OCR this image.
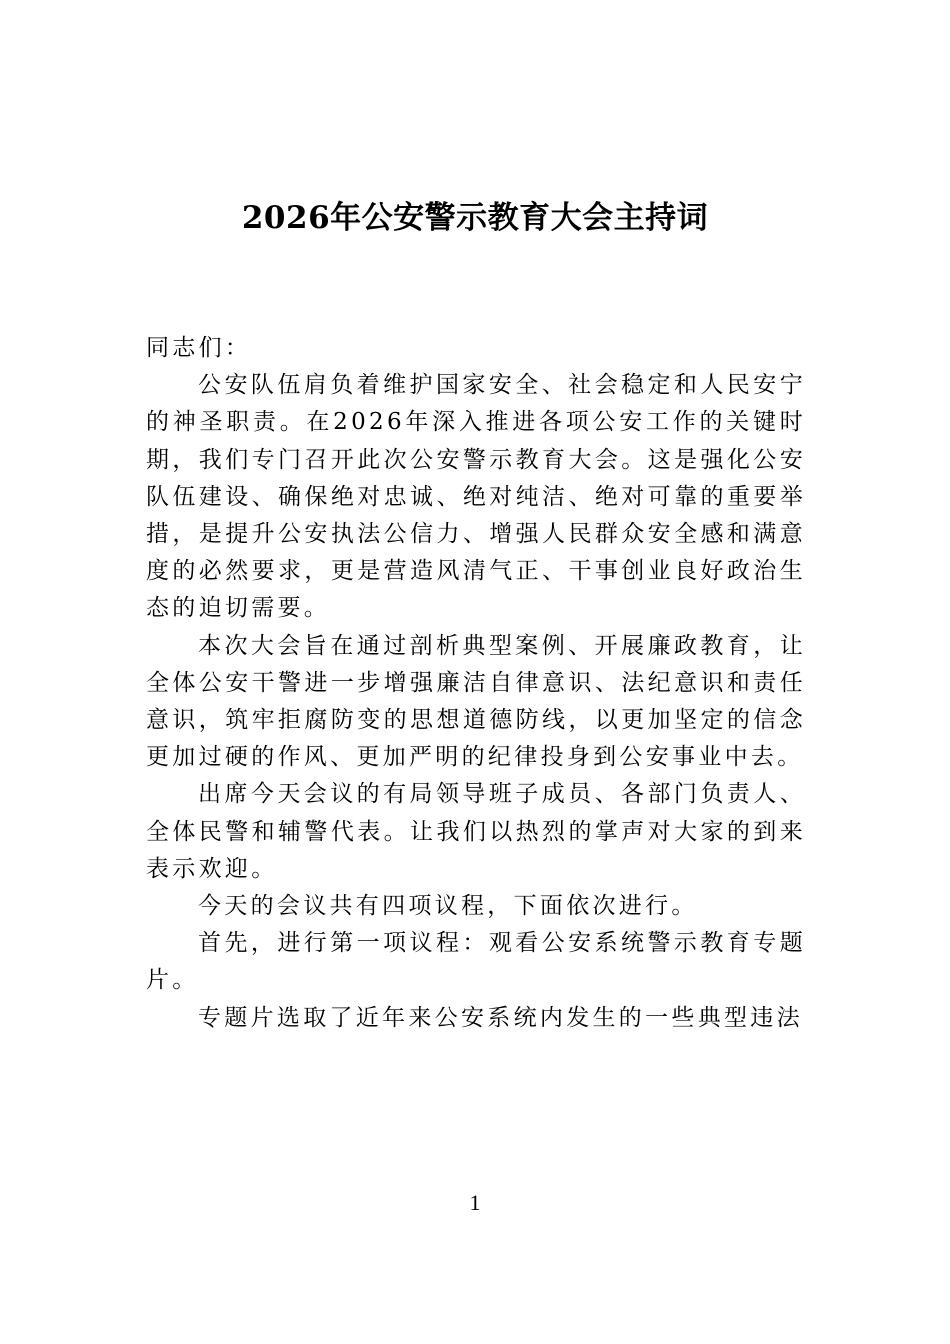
2026年公安警示教育大会主持词

同志们：

公安队伍肩负着维护国家安全、社会稳定和人民安宁的神圣职责。在2026年深入推进各项公安工作的关键时期，我们专门召开此次公安警示教育大会。这是强化公安队伍建设、确保绝对忠诚、绝对纯洁、绝对可靠的重要举措，是提升公安执法公信力、增强人民群众安全感和满意度的必然要求，更是营造风清气正、干事创业良好政治生态的迫切需要。

本次大会旨在通过剖析典型案例、开展廉政教育，让全体公安干警进一步增强廉洁自律意识、法纪意识和责任意识，筑牢拒腐防变的思想道德防线，以更加坚定的信念更加过硬的作风、更加严明的纪律投身到公安事业中去。

出席今天会议的有局领导班子成员、各部门负责人、全体民警和辅警代表。让我们以热烈的掌声对大家的到来表示欢迎。

今天的会议共有四项议程，下面依次进行。

首先，进行第一项议程：观看公安系统警示教育专题片。

专题片选取了近年来公安系统内发生的一些典型违法

1
